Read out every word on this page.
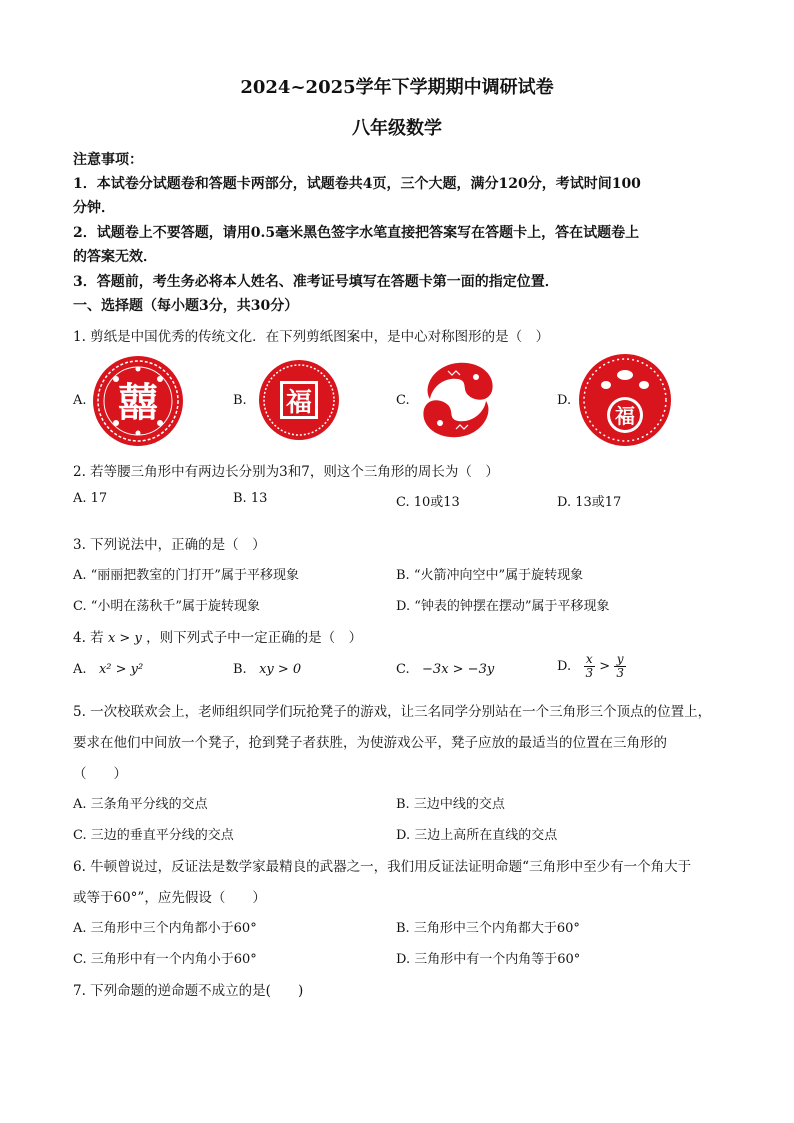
2024~2025学年下学期期中调研试卷
八年级数学
注意事项：
1．本试卷分试题卷和答题卡两部分，试题卷共4页，三个大题，满分120分，考试时间100
分钟．
2．试题卷上不要答题，请用0.5毫米黑色签字水笔直接把答案写在答题卡上，答在试题卷上
的答案无效．
3．答题前，考生务必将本人姓名、准考证号填写在答题卡第一面的指定位置．
一、选择题（每小题3分，共30分）
1. 剪纸是中国优秀的传统文化．在下列剪纸图案中，是中心对称图形的是（　）
A. 囍	B. 福	C.	D.
福
2. 若等腰三角形中有两边长分别为3和7，则这个三角形的周长为（　）
A. 17	B. 13	C. 10或13	D. 13或17
3. 下列说法中，正确的是（　）
A. “丽丽把教室的门打开”属于平移现象	B. “火箭冲向空中”属于旋转现象
C. “小明在荡秋千”属于旋转现象	D. “钟表的钟摆在摆动”属于平移现象
4. 若 x > y ，则下列式子中一定正确的是（　）
A. x² > y²	B. xy > 0	C. −3x > −3y	D. $\frac{x}{3} > \frac{y}{3}$
5. 一次校联欢会上，老师组织同学们玩抢凳子的游戏，让三名同学分别站在一个三角形三个顶点的位置上，
要求在他们中间放一个凳子，抢到凳子者获胜，为使游戏公平，凳子应放的最适当的位置在三角形的
（　　）
A. 三条角平分线的交点	B. 三边中线的交点
C. 三边的垂直平分线的交点	D. 三边上高所在直线的交点
6. 牛顿曾说过，反证法是数学家最精良的武器之一，我们用反证法证明命题“三角形中至少有一个角大于
或等于60°”，应先假设（　　）
A. 三角形中三个内角都小于60°	B. 三角形中三个内角都大于60°
C. 三角形中有一个内角小于60°	D. 三角形中有一个内角等于60°
7. 下列命题的逆命题不成立的是(　　)
